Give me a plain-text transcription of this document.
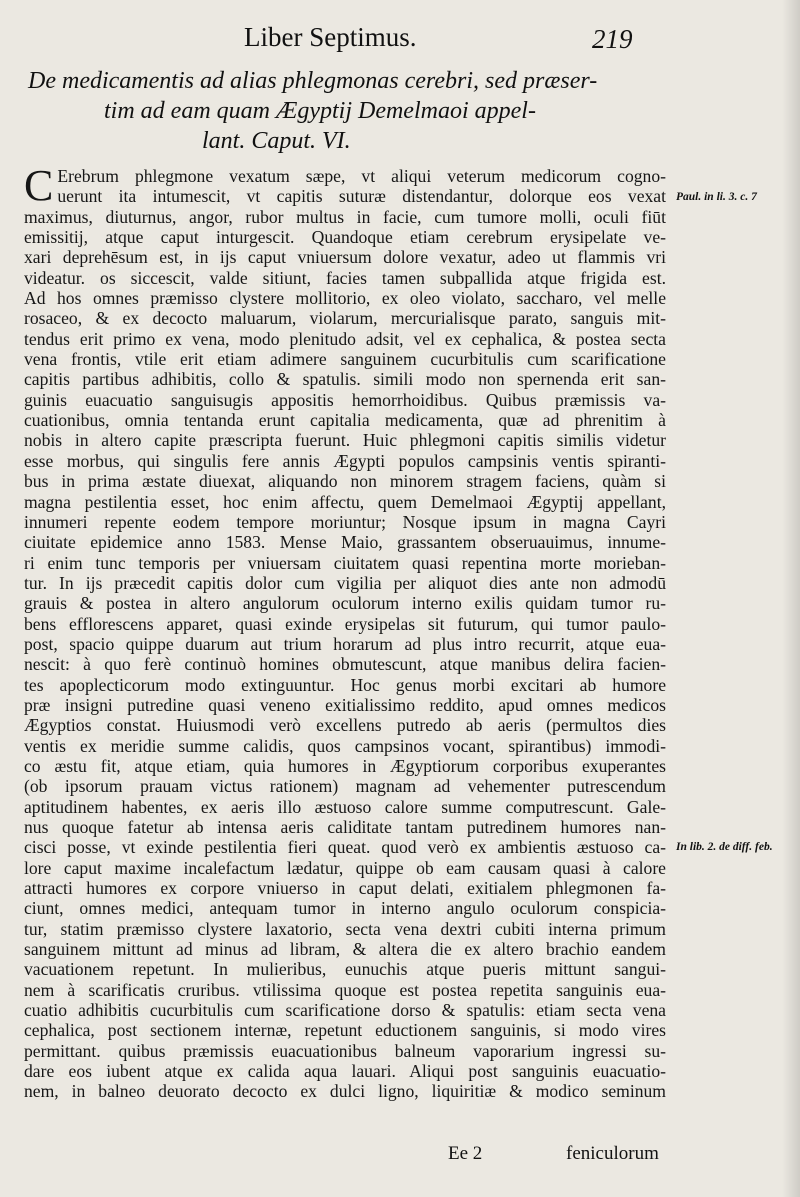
Liber Septimus.	219
De medicamentis ad alias phlegmonas cerebri, sed præser-
tim ad eam quam Ægyptij Demelmaoi appel-
lant. Caput. VI.
C Erebrum phlegmone vexatum sæpe, vt aliqui veterum medicorum cogno-
uerunt ita intumescit, vt capitis suturæ distendantur, dolorque eos vexat
maximus, diuturnus, angor, rubor multus in facie, cum tumore molli, oculi fiūt
emissitij, atque caput inturgescit. Quandoque etiam cerebrum erysipelate ve-
xari deprehēsum est, in ijs caput vniuersum dolore vexatur, adeo ut flammis vri
videatur. os siccescit, valde sitiunt, facies tamen subpallida atque frigida est.
Ad hos omnes præmisso clystere mollitorio, ex oleo violato, saccharo, vel melle
rosaceo, & ex decocto maluarum, violarum, mercurialisque parato, sanguis mit-
tendus erit primo ex vena, modo plenitudo adsit, vel ex cephalica, & postea secta
vena frontis, vtile erit etiam adimere sanguinem cucurbitulis cum scarificatione
capitis partibus adhibitis, collo & spatulis. simili modo non spernenda erit san-
guinis euacuatio sanguisugis appositis hemorrhoidibus. Quibus præmissis va-
cuationibus, omnia tentanda erunt capitalia medicamenta, quæ ad phrenitim à
nobis in altero capite præscripta fuerunt. Huic phlegmoni capitis similis videtur
esse morbus, qui singulis fere annis Ægypti populos campsinis ventis spiranti-
bus in prima æstate diuexat, aliquando non minorem stragem faciens, quàm si
magna pestilentia esset, hoc enim affectu, quem Demelmaoi Ægyptij appellant,
innumeri repente eodem tempore moriuntur; Nosque ipsum in magna Cayri
ciuitate epidemice anno 1583. Mense Maio, grassantem obseruauimus, innume-
ri enim tunc temporis per vniuersam ciuitatem quasi repentina morte morieban-
tur. In ijs præcedit capitis dolor cum vigilia per aliquot dies ante non admodū
grauis & postea in altero angulorum oculorum interno exilis quidam tumor ru-
bens efflorescens apparet, quasi exinde erysipelas sit futurum, qui tumor paulo-
post, spacio quippe duarum aut trium horarum ad plus intro recurrit, atque eua-
nescit: à quo ferè continuò homines obmutescunt, atque manibus delira facien-
tes apoplecticorum modo extinguuntur. Hoc genus morbi excitari ab humore
præ insigni putredine quasi veneno exitialissimo reddito, apud omnes medicos
Ægyptios constat. Huiusmodi verò excellens putredo ab aeris (permultos dies
ventis ex meridie summe calidis, quos campsinos vocant, spirantibus) immodi-
co æstu fit, atque etiam, quia humores in Ægyptiorum corporibus exuperantes
(ob ipsorum prauam victus rationem) magnam ad vehementer putrescendum
aptitudinem habentes, ex aeris illo æstuoso calore summe computrescunt. Gale-
nus quoque fatetur ab intensa aeris caliditate tantam putredinem humores nan-
cisci posse, vt exinde pestilentia fieri queat. quod verò ex ambientis æstuoso ca-
lore caput maxime incalefactum lædatur, quippe ob eam causam quasi à calore
attracti humores ex corpore vniuerso in caput delati, exitialem phlegmonen fa-
ciunt, omnes medici, antequam tumor in interno angulo oculorum conspicia-
tur, statim præmisso clystere laxatorio, secta vena dextri cubiti interna primum
sanguinem mittunt ad minus ad libram, & altera die ex altero brachio eandem
vacuationem repetunt. In mulieribus, eunuchis atque pueris mittunt sangui-
nem à scarificatis cruribus. vtilissima quoque est postea repetita sanguinis eua-
cuatio adhibitis cucurbitulis cum scarificatione dorso & spatulis: etiam secta vena
cephalica, post sectionem internæ, repetunt eductionem sanguinis, si modo vires
permittant. quibus præmissis euacuationibus balneum vaporarium ingressi su-
dare eos iubent atque ex calida aqua lauari. Aliqui post sanguinis euacuatio-
nem, in balneo deuorato decocto ex dulci ligno, liquiritiæ & modico seminum
Paul. in li. 3. c. 7
In lib. 2. de diff. feb.
Ee 2	feniculorum
